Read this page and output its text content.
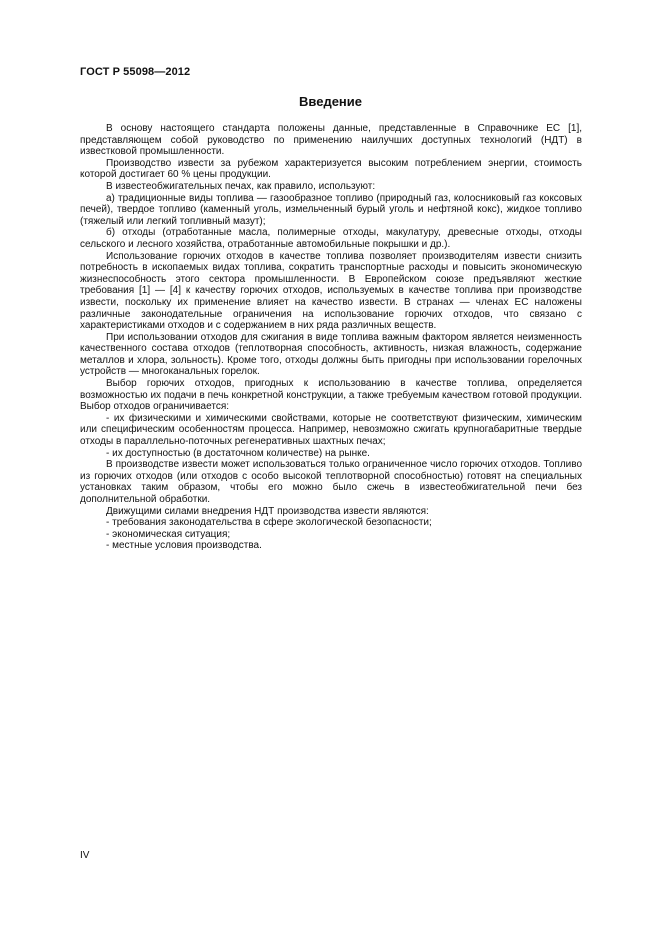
ГОСТ Р 55098—2012
Введение

В основу настоящего стандарта положены данные, представленные в Справочнике ЕС [1], представляющем собой руководство по применению наилучших доступных технологий (НДТ) в известковой промышленности.

Производство извести за рубежом характеризуется высоким потреблением энергии, стоимость которой достигает 60 % цены продукции.

В известеобжигательных печах, как правило, используют:

а) традиционные виды топлива — газообразное топливо (природный газ, колосниковый газ коксовых печей), твердое топливо (каменный уголь, измельченный бурый уголь и нефтяной кокс), жидкое топливо (тяжелый или легкий топливный мазут);

б) отходы (отработанные масла, полимерные отходы, макулатуру, древесные отходы, отходы сельского и лесного хозяйства, отработанные автомобильные покрышки и др.).

Использование горючих отходов в качестве топлива позволяет производителям извести снизить потребность в ископаемых видах топлива, сократить транспортные расходы и повысить экономическую жизнеспособность этого сектора промышленности. В Европейском союзе предъявляют жесткие требования [1] — [4] к качеству горючих отходов, используемых в качестве топлива при производстве извести, поскольку их применение влияет на качество извести. В странах — членах ЕС наложены различные законодательные ограничения на использование горючих отходов, что связано с характеристиками отходов и с содержанием в них ряда различных веществ.

При использовании отходов для сжигания в виде топлива важным фактором является неизменность качественного состава отходов (теплотворная способность, активность, низкая влажность, содержание металлов и хлора, зольность). Кроме того, отходы должны быть пригодны при использовании горелочных устройств — многоканальных горелок.

Выбор горючих отходов, пригодных к использованию в качестве топлива, определяется возможностью их подачи в печь конкретной конструкции, а также требуемым качеством готовой продукции. Выбор отходов ограничивается:

- их физическими и химическими свойствами, которые не соответствуют физическим, химическим или специфическим особенностям процесса. Например, невозможно сжигать крупногабаритные твердые отходы в параллельно-поточных регенеративных шахтных печах;

- их доступностью (в достаточном количестве) на рынке.

В производстве извести может использоваться только ограниченное число горючих отходов. Топливо из горючих отходов (или отходов с особо высокой теплотворной способностью) готовят на специальных установках таким образом, чтобы его можно было сжечь в известеобжигательной печи без дополнительной обработки.

Движущими силами внедрения НДТ производства извести являются:

- требования законодательства в сфере экологической безопасности;

- экономическая ситуация;

- местные условия производства.

IV
